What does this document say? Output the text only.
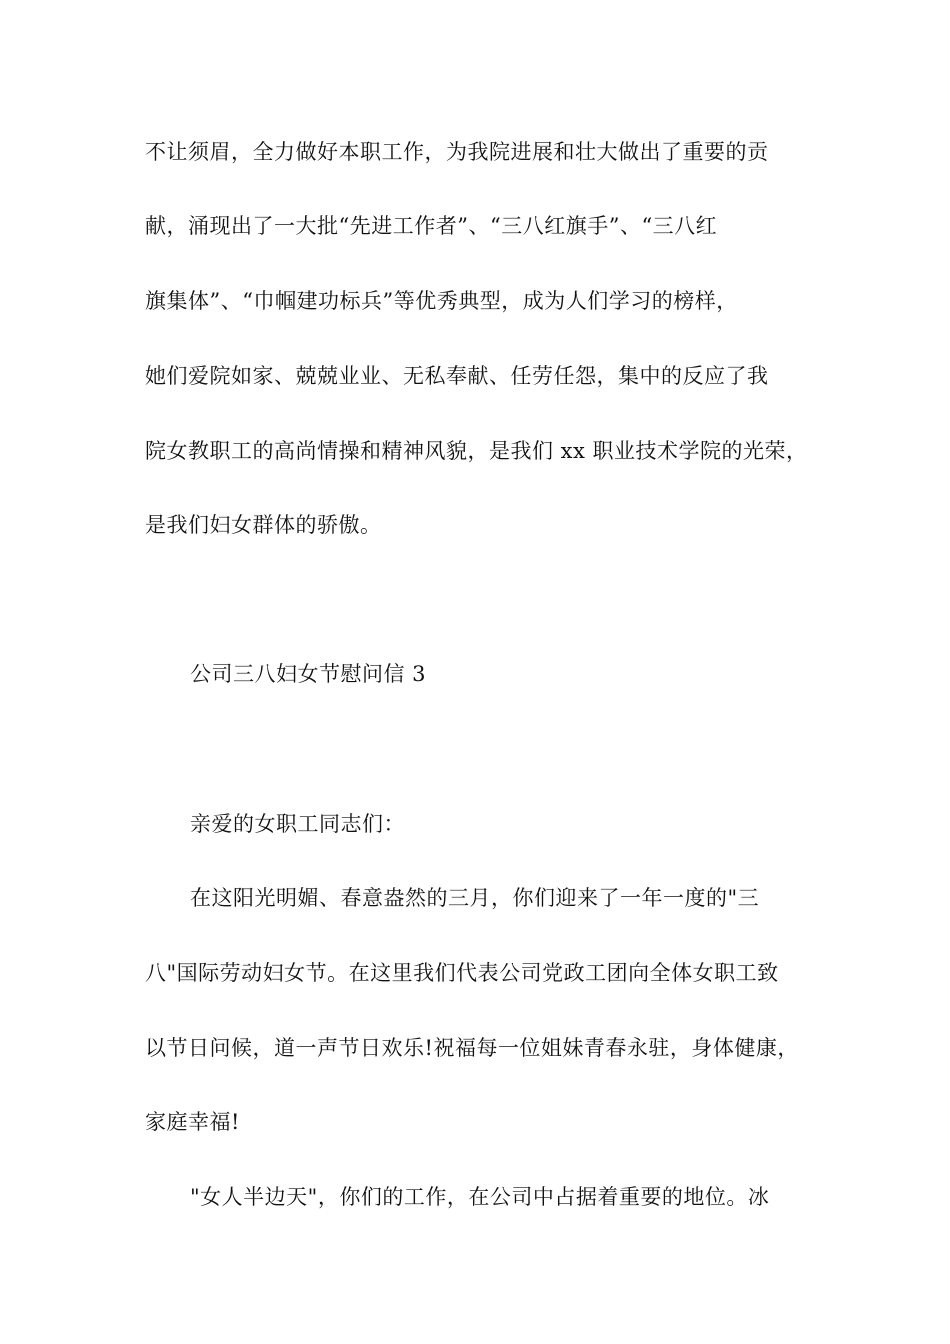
不让须眉，全力做好本职工作，为我院进展和壮大做出了重要的贡
献，涌现出了一大批“先进工作者”、“三八红旗手”、“三八红
旗集体”、“巾帼建功标兵”等优秀典型，成为人们学习的榜样，
她们爱院如家、兢兢业业、无私奉献、任劳任怨，集中的反应了我
院女教职工的高尚情操和精神风貌，是我们 xx 职业技术学院的光荣，
是我们妇女群体的骄傲。
公司三八妇女节慰问信 3
亲爱的女职工同志们：
在这阳光明媚、春意盎然的三月，你们迎来了一年一度的"三
八"国际劳动妇女节。在这里我们代表公司党政工团向全体女职工致
以节日问候，道一声节日欢乐!祝福每一位姐妹青春永驻，身体健康，
家庭幸福!
"女人半边天"，你们的工作，在公司中占据着重要的地位。冰
